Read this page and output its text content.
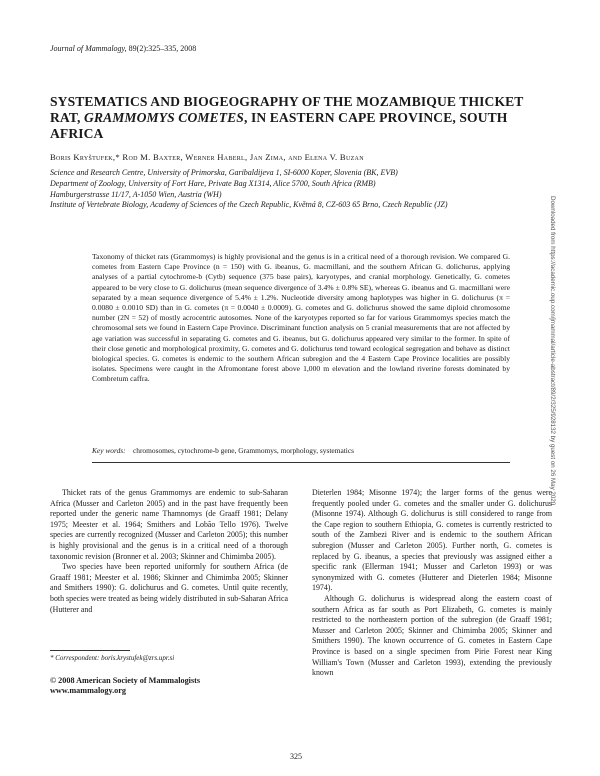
Journal of Mammalogy, 89(2):325–335, 2008
SYSTEMATICS AND BIOGEOGRAPHY OF THE MOZAMBIQUE THICKET RAT, GRAMMOMYS COMETES, IN EASTERN CAPE PROVINCE, SOUTH AFRICA
Boris Kryštufek,* Rod M. Baxter, Werner Haberl, Jan Zima, and Elena V. Buzan

Science and Research Centre, University of Primorska, Garibaldijeva 1, SI-6000 Koper, Slovenia (BK, EVB)

Department of Zoology, University of Fort Hare, Private Bag X1314, Alice 5700, South Africa (RMB)

Hamburgerstrasse 11/17, A-1050 Wien, Austria (WH)

Institute of Vertebrate Biology, Academy of Sciences of the Czech Republic, Květná 8, CZ-603 65 Brno, Czech Republic (JZ)

Taxonomy of thicket rats (Grammomys) is highly provisional and the genus is in a critical need of a thorough revision. We compared G. cometes from Eastern Cape Province (n = 150) with G. ibeanus, G. macmillani, and the southern African G. dolichurus, applying analyses of a partial cytochrome-b (Cytb) sequence (375 base pairs), karyotypes, and cranial morphology. Genetically, G. cometes appeared to be very close to G. dolichurus (mean sequence divergence of 3.4% ± 0.8% SE), whereas G. ibeanus and G. macmillani were separated by a mean sequence divergence of 5.4% ± 1.2%. Nucleotide diversity among haplotypes was higher in G. dolichurus (π = 0.0080 ± 0.0010 SD) than in G. cometes (π = 0.0040 ± 0.0009). G. cometes and G. dolichurus showed the same diploid chromosome number (2N = 52) of mostly acrocentric autosomes. None of the karyotypes reported so far for various Grammomys species match the chromosomal sets we found in Eastern Cape Province. Discriminant function analysis on 5 cranial measurements that are not affected by age variation was successful in separating G. cometes and G. ibeanus, but G. dolichurus appeared very similar to the former. In spite of their close genetic and morphological proximity, G. cometes and G. dolichurus tend toward ecological segregation and behave as distinct biological species. G. cometes is endemic to the southern African subregion and the 4 Eastern Cape Province localities are possibly isolates. Specimens were caught in the Afromontane forest above 1,000 m elevation and the lowland riverine forests dominated by Combretum caffra.
Key words: chromosomes, cytochrome-b gene, Grammomys, morphology, systematics

Thicket rats of the genus Grammomys are endemic to sub-Saharan Africa (Musser and Carleton 2005) and in the past have frequently been reported under the generic name Thamnomys (de Graaff 1981; Delany 1975; Meester et al. 1964; Smithers and Lobão Tello 1976). Twelve species are currently recognized (Musser and Carleton 2005); this number is highly provisional and the genus is in a critical need of a thorough taxonomic revision (Bronner et al. 2003; Skinner and Chimimba 2005).

Two species have been reported uniformly for southern Africa (de Graaff 1981; Meester et al. 1986; Skinner and Chimimba 2005; Skinner and Smithers 1990): G. dolichurus and G. cometes. Until quite recently, both species were treated as being widely distributed in sub-Saharan Africa (Hutterer and

Dieterlen 1984; Misonne 1974); the larger forms of the genus were frequently pooled under G. cometes and the smaller under G. dolichurus (Misonne 1974). Although G. dolichurus is still considered to range from the Cape region to southern Ethiopia, G. cometes is currently restricted to south of the Zambezi River and is endemic to the southern African subregion (Musser and Carleton 2005). Further north, G. cometes is replaced by G. ibeanus, a species that previously was assigned either a specific rank (Ellerman 1941; Musser and Carleton 1993) or was synonymized with G. cometes (Hutterer and Dieterlen 1984; Misonne 1974).

Although G. dolichurus is widespread along the eastern coast of southern Africa as far south as Port Elizabeth, G. cometes is mainly restricted to the northeastern portion of the subregion (de Graaff 1981; Musser and Carleton 2005; Skinner and Chimimba 2005; Skinner and Smithers 1990). The known occurrence of G. cometes in Eastern Cape Province is based on a single specimen from Pirie Forest near King William's Town (Musser and Carleton 1993), extending the previously known

* Correspondent: boris.krystufek@zrs.upr.si
© 2008 American Society of Mammalogists
www.mammalogy.org
325
Downloaded from https://academic.oup.com/jmammal/article-abstract/89/2/325/928132 by guest on 26 May 2020
